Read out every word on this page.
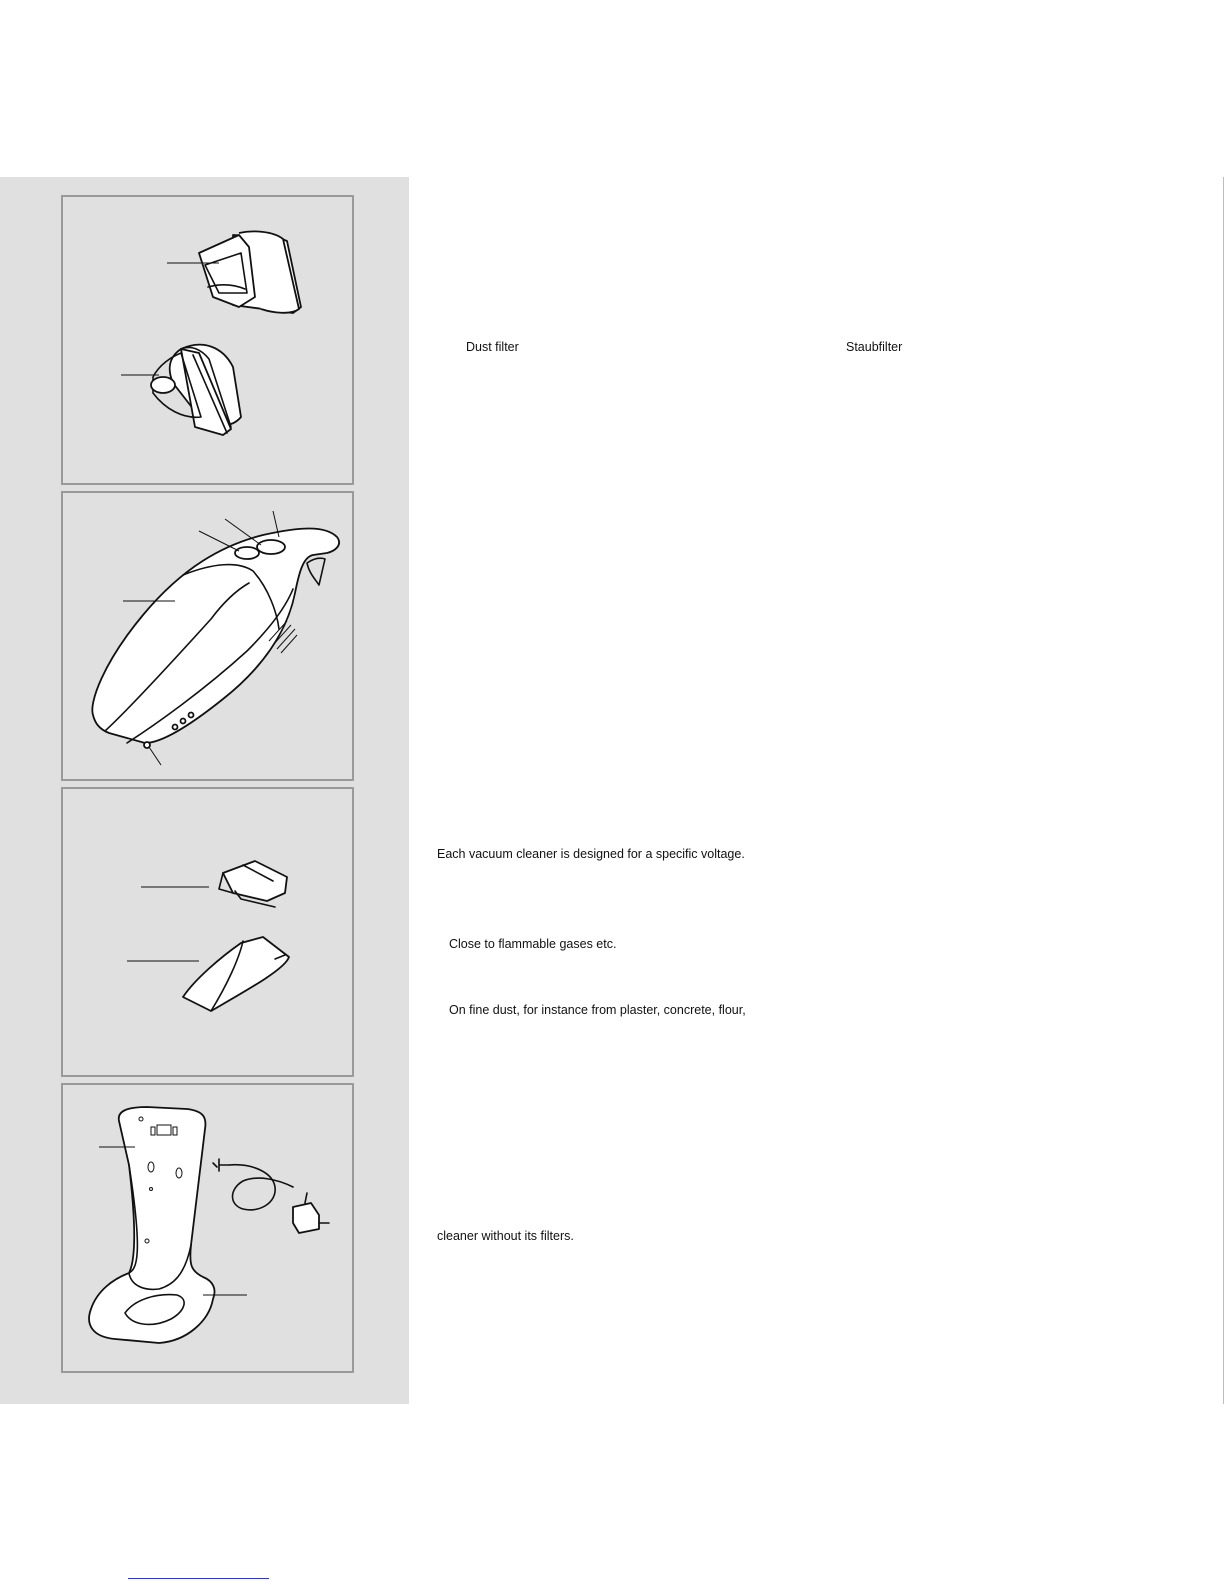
Dust filter	Staubfilter
Each vacuum cleaner is designed for a specific voltage.
Close to flammable gases etc.
On fine dust, for instance from plaster, concrete, flour,
cleaner without its filters.
